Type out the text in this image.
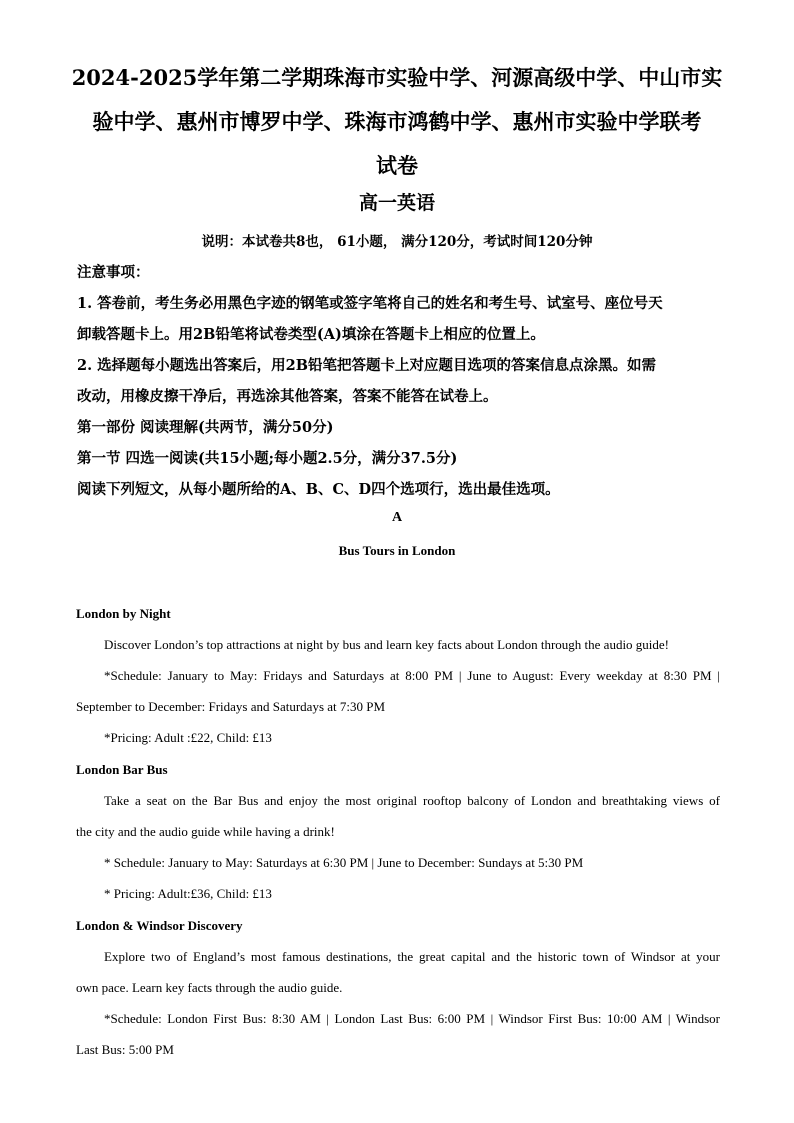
2024-2025学年第二学期珠海市实验中学、河源高级中学、中山市实
验中学、惠州市博罗中学、珠海市鸿鹤中学、惠州市实验中学联考
试卷
高一英语
说明：本试卷共8也， 61小题， 满分120分，考试时间120分钟
注意事项：
1. 答卷前，考生务必用黑色字迹的钢笔或签字笔将自己的姓名和考生号、试室号、座位号天
卸载答题卡上。用2B铅笔将试卷类型(A)填涂在答题卡上相应的位置上。
2. 选择题每小题选出答案后，用2B铅笔把答题卡上对应题目选项的答案信息点涂黑。如需
改动，用橡皮擦干净后，再选涂其他答案，答案不能答在试卷上。
第一部份 阅读理解(共两节，满分50分)
第一节 四选一阅读(共15小题;每小题2.5分，满分37.5分)
阅读下列短文，从每小题所给的A、B、C、D四个选项行，选出最佳选项。
A
Bus Tours in London
London by Night
Discover London’s top attractions at night by bus and learn key facts about London through the audio guide!
*Schedule: January to May: Fridays and Saturdays at 8:00 PM | June to August: Every weekday at 8:30 PM |
September to December: Fridays and Saturdays at 7:30 PM
*Pricing: Adult :£22, Child: £13
London Bar Bus
Take a seat on the Bar Bus and enjoy the most original rooftop balcony of London and breathtaking views of
the city and the audio guide while having a drink!
* Schedule: January to May: Saturdays at 6:30 PM | June to December: Sundays at 5:30 PM
* Pricing: Adult:£36, Child: £13
London & Windsor Discovery
Explore two of England’s most famous destinations, the great capital and the historic town of Windsor at your
own pace. Learn key facts through the audio guide.
*Schedule: London First Bus: 8:30 AM | London Last Bus: 6:00 PM | Windsor First Bus: 10:00 AM | Windsor
Last Bus: 5:00 PM
